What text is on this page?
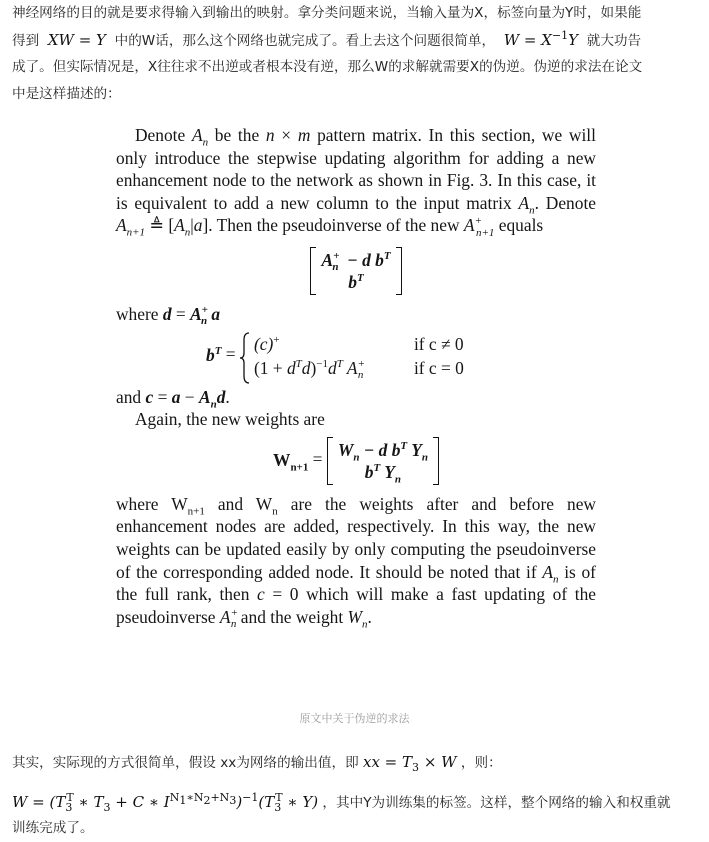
神经网络的目的就是要求得输入到输出的映射。拿分类问题来说，当输入量为X，标签向量为Y时，如果能
得到 XW = Y 中的W话，那么这个网络也就完成了。看上去这个问题很简单， $W = X^{-1}Y$ 就大功告
成了。但实际情况是，X往往求不出逆或者根本没有逆，那么W的求解就需要X的伪逆。伪逆的求法在论文
中是这样描述的：

Denote $A_n$ be the n × m pattern matrix. In this section, we will only introduce the stepwise updating algorithm for adding a new enhancement node to the network as shown in Fig. 3. In this case, it is equivalent to add a new column to the input matrix $A_n$. Denote $A_{n+1}$ ≜ $[A_n|a]$. Then the pseudoinverse of the new $A^+_{n+1}$ equals

$A^+_n - d$ $b^T$
$b^T$

where $d = A^+_n$ a

$b^T = (c)^+$	if c ≠ 0
$(1 + d^Td)^{-1}d^T$ $A^+_n$	if c = 0

and $c = a - A_nd$.

Again, the new weights are

$W_{n+1} = W_n - d$ $b^T$ $Y_n$
$b^T$ $Y_n$

where $W_{n+1}$ and $W_n$ are the weights after and before new enhancement nodes are added, respectively. In this way, the new weights can be updated easily by only computing the pseudoinverse of the corresponding added node. It should be noted that if $A_n$ is of the full rank, then c = 0 which will make a fast updating of the pseudoinverse $A^+_n$ and the weight $W_n$.

原文中关于伪逆的求法
其实，实际现的方式很简单，假设 xx为网络的输出值，即 xx = $T_3 \times W$ ，则：
$W = (T_3^T$ ∗ $T_3 + C$ ∗ $I^{N_1∗N_2+N_3})^{-1}(T_3^T$ ∗ Y) ，其中Y为训练集的标签。这样，整个网络的输入和权重就
训练完成了。
